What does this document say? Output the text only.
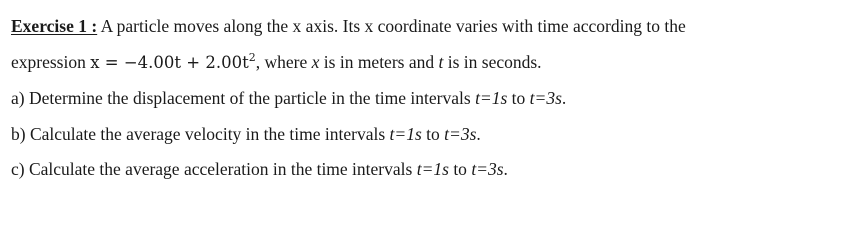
Exercise 1 : A particle moves along the x axis. Its x coordinate varies with time according to the
expression $x = -4.00t + 2.00t^2$, where x is in meters and t is in seconds.
a) Determine the displacement of the particle in the time intervals t=1s to t=3s.
b) Calculate the average velocity in the time intervals t=1s to t=3s.
c) Calculate the average acceleration in the time intervals t=1s to t=3s.
